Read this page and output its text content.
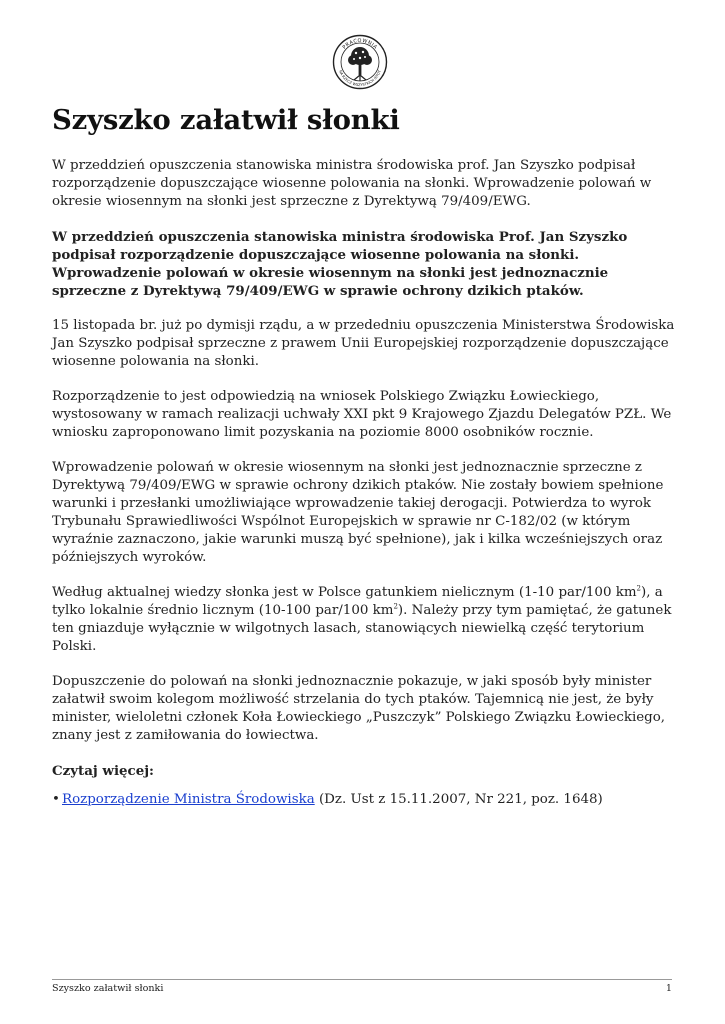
PRACOWNIA
NA RZECZ WSZYSTKICH ISTOT
Szyszko załatwił słonki

W przeddzień opuszczenia stanowiska ministra środowiska prof. Jan Szyszko podpisał rozporządzenie dopuszczające wiosenne polowania na słonki. Wprowadzenie polowań w okresie wiosennym na słonki jest sprzeczne z Dyrektywą 79/409/EWG.

W przeddzień opuszczenia stanowiska ministra środowiska Prof. Jan Szyszko podpisał rozporządzenie dopuszczające wiosenne polowania na słonki. Wprowadzenie polowań w okresie wiosennym na słonki jest jednoznacznie sprzeczne z Dyrektywą 79/409/EWG w sprawie ochrony dzikich ptaków.

15 listopada br. już po dymisji rządu, a w przededniu opuszczenia Ministerstwa Środowiska Jan Szyszko podpisał sprzeczne z prawem Unii Europejskiej rozporządzenie dopuszczające wiosenne polowania na słonki.

Rozporządzenie to jest odpowiedzią na wniosek Polskiego Związku Łowieckiego, wystosowany w ramach realizacji uchwały XXI pkt 9 Krajowego Zjazdu Delegatów PZŁ. We wniosku zaproponowano limit pozyskania na poziomie 8000 osobników rocznie.

Wprowadzenie polowań w okresie wiosennym na słonki jest jednoznacznie sprzeczne z Dyrektywą 79/409/EWG w sprawie ochrony dzikich ptaków. Nie zostały bowiem spełnione warunki i przesłanki umożliwiające wprowadzenie takiej derogacji. Potwierdza to wyrok Trybunału Sprawiedliwości Wspólnot Europejskich w sprawie nr C-182/02 (w którym wyraźnie zaznaczono, jakie warunki muszą być spełnione), jak i kilka wcześniejszych oraz późniejszych wyroków.

Według aktualnej wiedzy słonka jest w Polsce gatunkiem nielicznym (1-10 par/100 $km^2$), a tylko lokalnie średnio licznym (10-100 par/100 $km^2$). Należy przy tym pamiętać, że gatunek ten gniazduje wyłącznie w wilgotnych lasach, stanowiących niewielką część terytorium Polski.

Dopuszczenie do polowań na słonki jednoznacznie pokazuje, w jaki sposób były minister załatwił swoim kolegom możliwość strzelania do tych ptaków. Tajemnicą nie jest, że były minister, wieloletni członek Koła Łowieckiego „Puszczyk” Polskiego Związku Łowieckiego, znany jest z zamiłowania do łowiectwa.

Czytaj więcej:

• Rozporządzenie Ministra Środowiska (Dz. Ust z 15.11.2007, Nr 221, poz. 1648)
Szyszko załatwił słonki	1
